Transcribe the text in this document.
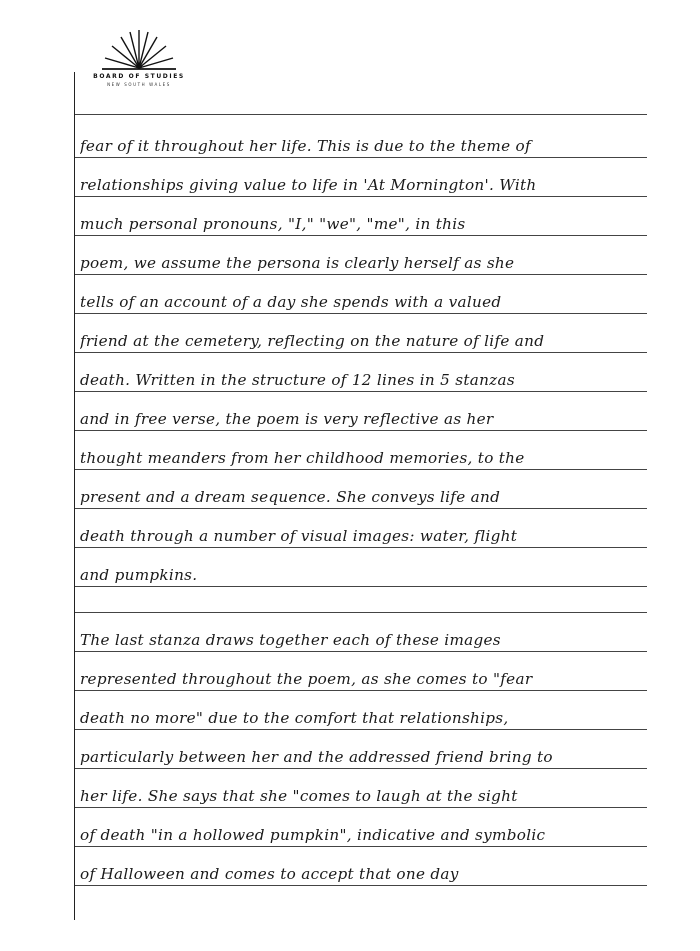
BOARD OF STUDIES
NEW SOUTH WALES
fear of it throughout her life. This is due to the theme of
relationships giving value to life in 'At Mornington'. With
much personal pronouns, "I," "we", "me", in this
poem, we assume the persona is clearly herself as she
tells of an account of a day she spends with a valued
friend at the cemetery, reflecting on the nature of life and
death. Written in the structure of 12 lines in 5 stanzas
and in free verse, the poem is very reflective as her
thought meanders from her childhood memories, to the
present and a dream sequence. She conveys life and
death through a number of visual images: water, flight
and pumpkins.
The last stanza draws together each of these images
represented throughout the poem, as she comes to "fear
death no more" due to the comfort that relationships,
particularly between her and the addressed friend bring to
her life. She says that she "comes to laugh at the sight
of death "in a hollowed pumpkin", indicative and symbolic
of Halloween and comes to accept that one day
